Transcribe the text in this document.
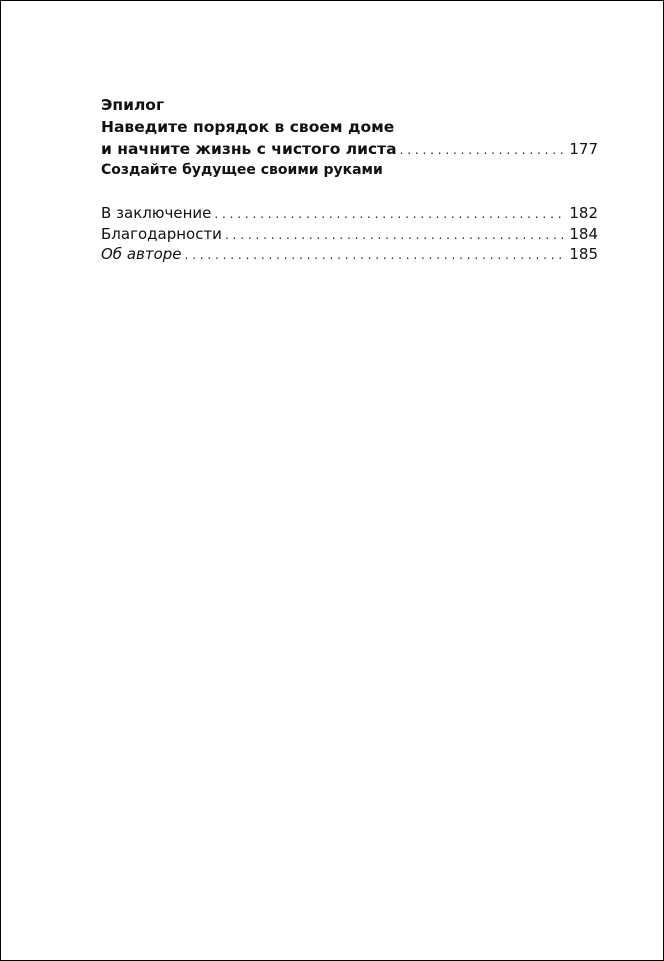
Эпилог
Наведите порядок в своем доме
и начните жизнь с чистого листа . . .	177
Создайте будущее своими руками
В заключение . . .	182
Благодарности . . .	184
Об авторе . . .	185
